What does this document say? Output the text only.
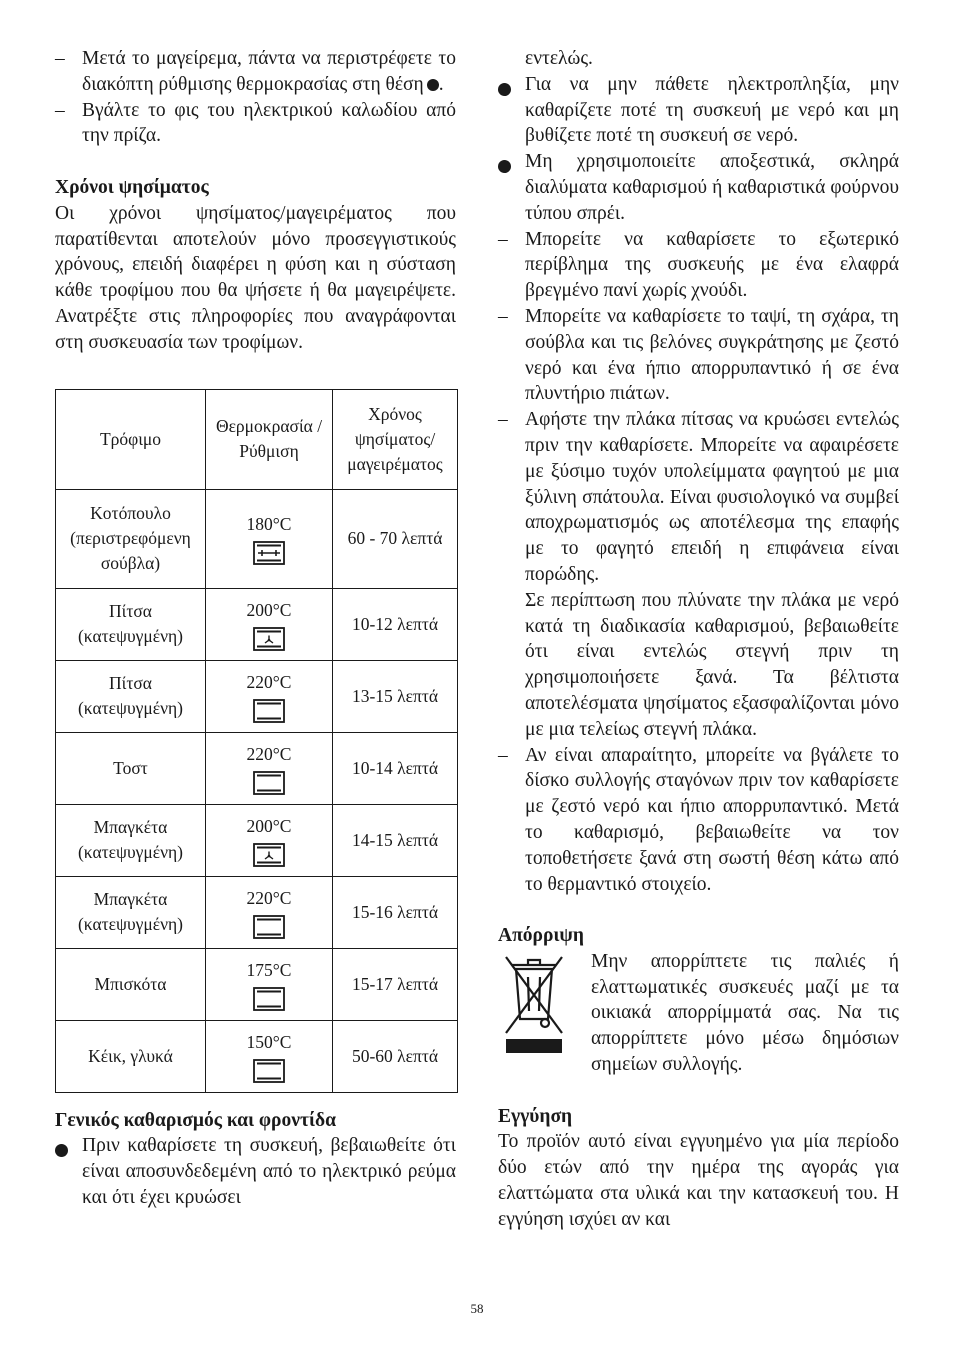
– Μετά το μαγείρεμα, πάντα να περιστρέφετε το διακόπτη ρύθμισης θερμοκρασίας στη θέση .
– Βγάλτε το φις του ηλεκτρικού καλωδίου από την πρίζα.
Χρόνοι ψησίματος
Οι χρόνοι ψησίματος/μαγειρέματος που παρατίθενται αποτελούν μόνο προσεγγιστικούς χρόνους, επειδή διαφέρει η φύση και η σύσταση κάθε τροφίμου που θα ψήσετε ή θα μαγειρέψετε. Ανατρέξτε στις πληροφορίες που αναγράφονται στη συσκευασία των τροφίμων.
Τρόφιμο	Θερμοκρασία / Ρύθμιση	Χρόνος ψησίματος/ μαγειρέματος
Κοτόπουλο (περιστρεφόμενη σούβλα)	180°C	60 - 70 λεπτά
Πίτσα (κατεψυγμένη)	200°C	10-12 λεπτά
Πίτσα (κατεψυγμένη)	220°C	13-15 λεπτά
Τοστ	220°C	10-14 λεπτά
Μπαγκέτα (κατεψυγμένη)	200°C	14-15 λεπτά
Μπαγκέτα (κατεψυγμένη)	220°C	15-16 λεπτά
Μπισκότα	175°C	15-17 λεπτά
Κέικ, γλυκά	150°C	50-60 λεπτά
Γενικός καθαρισμός και φροντίδα
Πριν καθαρίσετε τη συσκευή, βεβαιωθείτε ότι είναι αποσυνδεδεμένη από το ηλεκτρικό ρεύμα και ότι έχει κρυώσει
εντελώς.
Για να μην πάθετε ηλεκτροπληξία, μην καθαρίζετε ποτέ τη συσκευή με νερό και μη βυθίζετε ποτέ τη συσκευή σε νερό.
Μη χρησιμοποιείτε αποξεστικά, σκληρά διαλύματα καθαρισμού ή καθαριστικά φούρνου τύπου σπρέι.
– Μπορείτε να καθαρίσετε το εξωτερικό περίβλημα της συσκευής με ένα ελαφρά βρεγμένο πανί χωρίς χνούδι.
– Μπορείτε να καθαρίσετε το ταψί, τη σχάρα, τη σούβλα και τις βελόνες συγκράτησης με ζεστό νερό και ένα ήπιο απορρυπαντικό ή σε ένα πλυντήριο πιάτων.
– Αφήστε την πλάκα πίτσας να κρυώσει εντελώς πριν την καθαρίσετε. Μπορείτε να αφαιρέσετε με ξύσιμο τυχόν υπολείμματα φαγητού με μια ξύλινη σπάτουλα. Είναι φυσιολογικό να συμβεί αποχρωματισμός ως αποτέλεσμα της επαφής με το φαγητό επειδή η επιφάνεια είναι πορώδης.
Σε περίπτωση που πλύνατε την πλάκα με νερό κατά τη διαδικασία καθαρισμού, βεβαιωθείτε ότι είναι εντελώς στεγνή πριν τη χρησιμοποιήσετε ξανά. Τα βέλτιστα αποτελέσματα ψησίματος εξασφαλίζονται μόνο με μια τελείως στεγνή πλάκα.
– Αν είναι απαραίτητο, μπορείτε να βγάλετε το δίσκο συλλογής σταγόνων πριν τον καθαρίσετε με ζεστό νερό και ήπιο απορρυπαντικό. Μετά το καθαρισμό, βεβαιωθείτε να τον τοποθετήσετε ξανά στη σωστή θέση κάτω από το θερμαντικό στοιχείο.
Απόρριψη
Μην απορρίπτετε τις παλιές ή ελαττωματικές συσκευές μαζί με τα οικιακά απορρίμματά σας. Να τις απορρίπτετε μόνο μέσω δημόσιων σημείων συλλογής.
Εγγύηση
Το προϊόν αυτό είναι εγγυημένο για μία περίοδο δύο ετών από την ημέρα της αγοράς για ελαττώματα στα υλικά και την κατασκευή του. Η εγγύηση ισχύει αν και
58
